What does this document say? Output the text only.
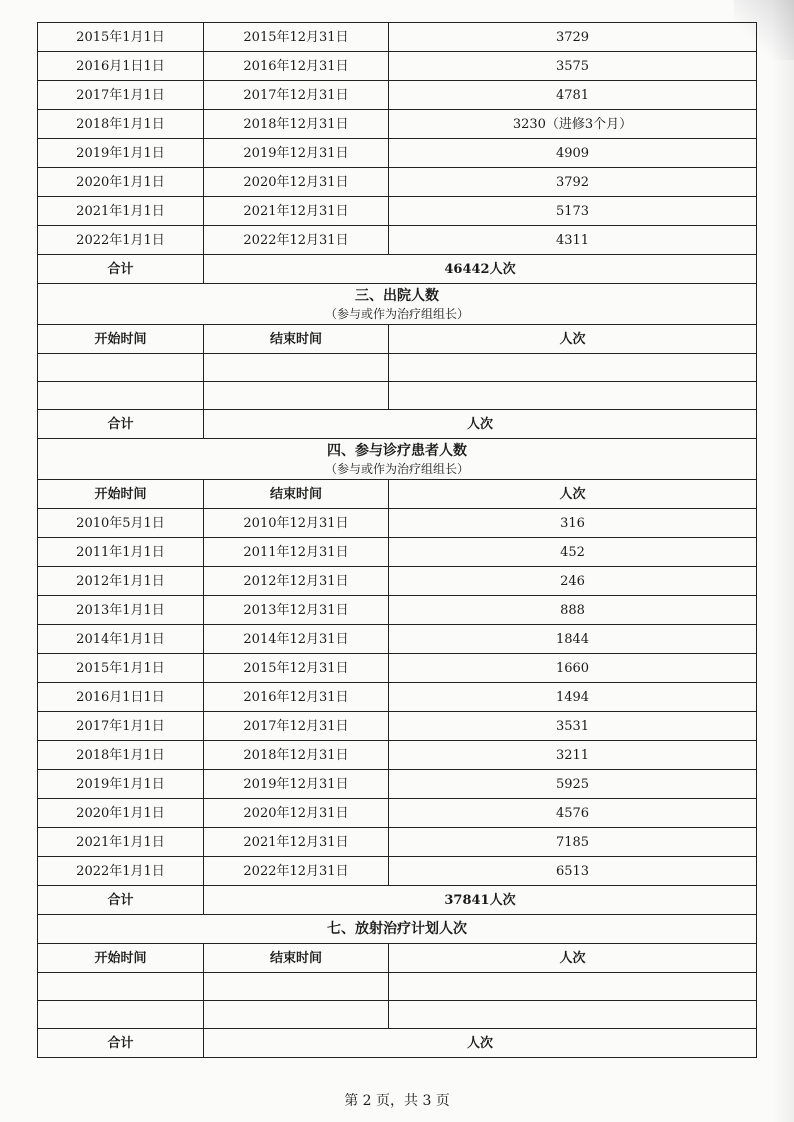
2015年1月1日	2015年12月31日	3729
2016月1日1日	2016年12月31日	3575
2017年1月1日	2017年12月31日	4781
2018年1月1日	2018年12月31日	3230（进修3个月）
2019年1月1日	2019年12月31日	4909
2020年1月1日	2020年12月31日	3792
2021年1月1日	2021年12月31日	5173
2022年1月1日	2022年12月31日	4311
合计	46442人次	

三、出院人数
（参与或作为治疗组组长）		

开始时间	结束时间	人次

合计	人次	

四、参与诊疗患者人数
（参与或作为治疗组组长）		

开始时间	结束时间	人次
2010年5月1日	2010年12月31日	316
2011年1月1日	2011年12月31日	452
2012年1月1日	2012年12月31日	246
2013年1月1日	2013年12月31日	888
2014年1月1日	2014年12月31日	1844
2015年1月1日	2015年12月31日	1660
2016月1日1日	2016年12月31日	1494
2017年1月1日	2017年12月31日	3531
2018年1月1日	2018年12月31日	3211
2019年1月1日	2019年12月31日	5925
2020年1月1日	2020年12月31日	4576
2021年1月1日	2021年12月31日	7185
2022年1月1日	2022年12月31日	6513
合计	37841人次	

七、放射治疗计划人次		

开始时间	结束时间	人次

合计	人次	
第 2 页，共 3 页
